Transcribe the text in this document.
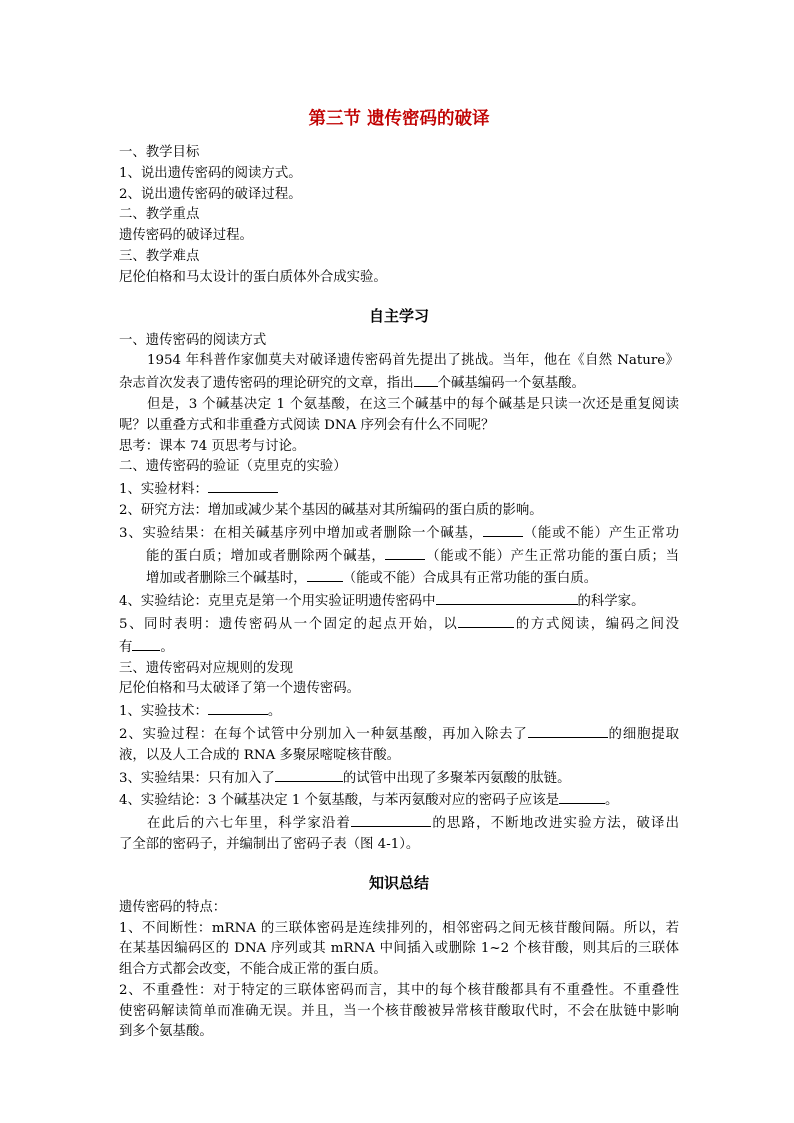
第三节 遗传密码的破译
一、教学目标
1、说出遗传密码的阅读方式。
2、说出遗传密码的破译过程。
二、教学重点
遗传密码的破译过程。
三、教学难点
尼伦伯格和马太设计的蛋白质体外合成实验。
自主学习
一、遗传密码的阅读方式
1954 年科普作家伽莫夫对破译遗传密码首先提出了挑战。当年，他在《自然 Nature》
杂志首次发表了遗传密码的理论研究的文章，指出 个碱基编码一个氨基酸。
但是，3 个碱基决定 1 个氨基酸，在这三个碱基中的每个碱基是只读一次还是重复阅读
呢？以重叠方式和非重叠方式阅读 DNA 序列会有什么不同呢？
思考：课本 74 页思考与讨论。
二、遗传密码的验证（克里克的实验）
1、实验材料：
2、研究方法：增加或减少某个基因的碱基对其所编码的蛋白质的影响。
3、实验结果：在相关碱基序列中增加或者删除一个碱基，	（能或不能）产生正常功
能的蛋白质；增加或者删除两个碱基，	（能或不能）产生正常功能的蛋白质；当
增加或者删除三个碱基时，	（能或不能）合成具有正常功能的蛋白质。
4、实验结论：克里克是第一个用实验证明遗传密码中	的科学家。
5、同时表明：遗传密码从一个固定的起点开始，以	的方式阅读，编码之间没
有 。
三、遗传密码对应规则的发现
尼伦伯格和马太破译了第一个遗传密码。
1、实验技术：	。
2、实验过程：在每个试管中分别加入一种氨基酸，再加入除去了	的细胞提取
液，以及人工合成的 RNA 多聚尿嘧啶核苷酸。
3、实验结果：只有加入了	的试管中出现了多聚苯丙氨酸的肽链。
4、实验结论：3 个碱基决定 1 个氨基酸，与苯丙氨酸对应的密码子应该是	。
在此后的六七年里，科学家沿着	的思路，不断地改进实验方法，破译出
了全部的密码子，并编制出了密码子表（图 4-1）。
知识总结
遗传密码的特点：
1、不间断性：mRNA 的三联体密码是连续排列的，相邻密码之间无核苷酸间隔。所以，若
在某基因编码区的 DNA 序列或其 mRNA 中间插入或删除 1~2 个核苷酸，则其后的三联体
组合方式都会改变，不能合成正常的蛋白质。
2、不重叠性：对于特定的三联体密码而言，其中的每个核苷酸都具有不重叠性。不重叠性
使密码解读简单而准确无误。并且，当一个核苷酸被异常核苷酸取代时，不会在肽链中影响
到多个氨基酸。
